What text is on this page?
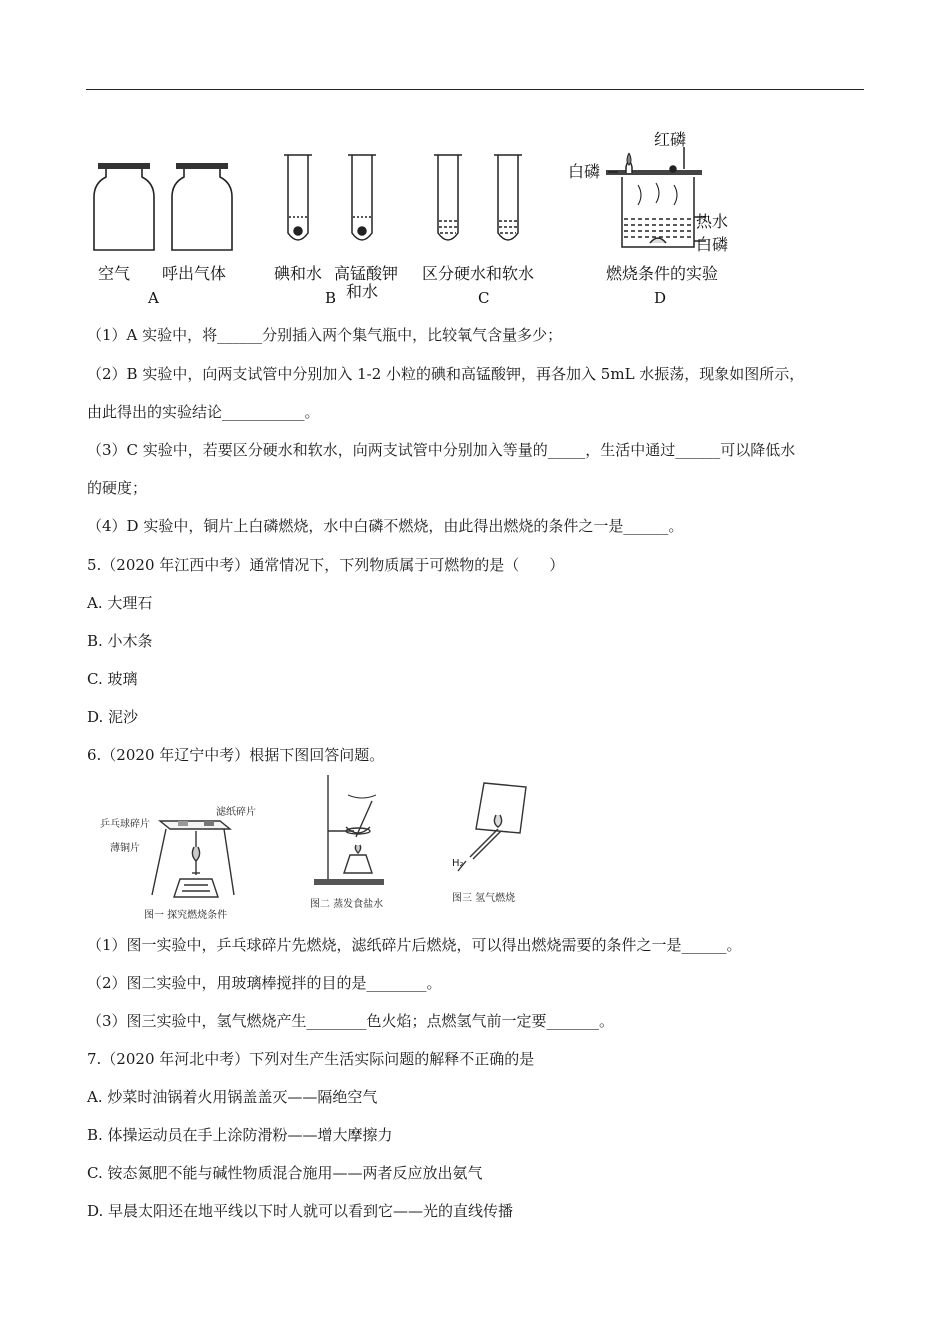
空气 呼出气体	碘和水 高锰酸钾
和水
区分硬水和软水	燃烧条件的实验
红磷
白磷
热水
白磷
A	B	C	D
（1）A 实验中，将______分别插入两个集气瓶中，比较氧气含量多少；
（2）B 实验中，向两支试管中分别加入 1-2 小粒的碘和高锰酸钾，再各加入 5mL 水振荡，现象如图所示，
由此得出的实验结论___________。
（3）C 实验中，若要区分硬水和软水，向两支试管中分别加入等量的_____，生活中通过______可以降低水
的硬度；
（4）D 实验中，铜片上白磷燃烧，水中白磷不燃烧，由此得出燃烧的条件之一是______。
5.（2020 年江西中考）通常情况下，下列物质属于可燃物的是（　　）
A. 大理石
B. 小木条
C. 玻璃
D. 泥沙
6.（2020 年辽宁中考）根据下图回答问题。
乒乓球碎片
滤纸碎片
薄铜片
图一 探究燃烧条件
图二 蒸发食盐水
H₂
图三 氢气燃烧
（1）图一实验中，乒乓球碎片先燃烧，滤纸碎片后燃烧，可以得出燃烧需要的条件之一是______。
（2）图二实验中，用玻璃棒搅拌的目的是________。
（3）图三实验中，氢气燃烧产生________色火焰；点燃氢气前一定要_______。
7.（2020 年河北中考）下列对生产生活实际问题的解释不正确的是
A. 炒菜时油锅着火用锅盖盖灭——隔绝空气
B. 体操运动员在手上涂防滑粉——增大摩擦力
C. 铵态氮肥不能与碱性物质混合施用——两者反应放出氨气
D. 早晨太阳还在地平线以下时人就可以看到它——光的直线传播
